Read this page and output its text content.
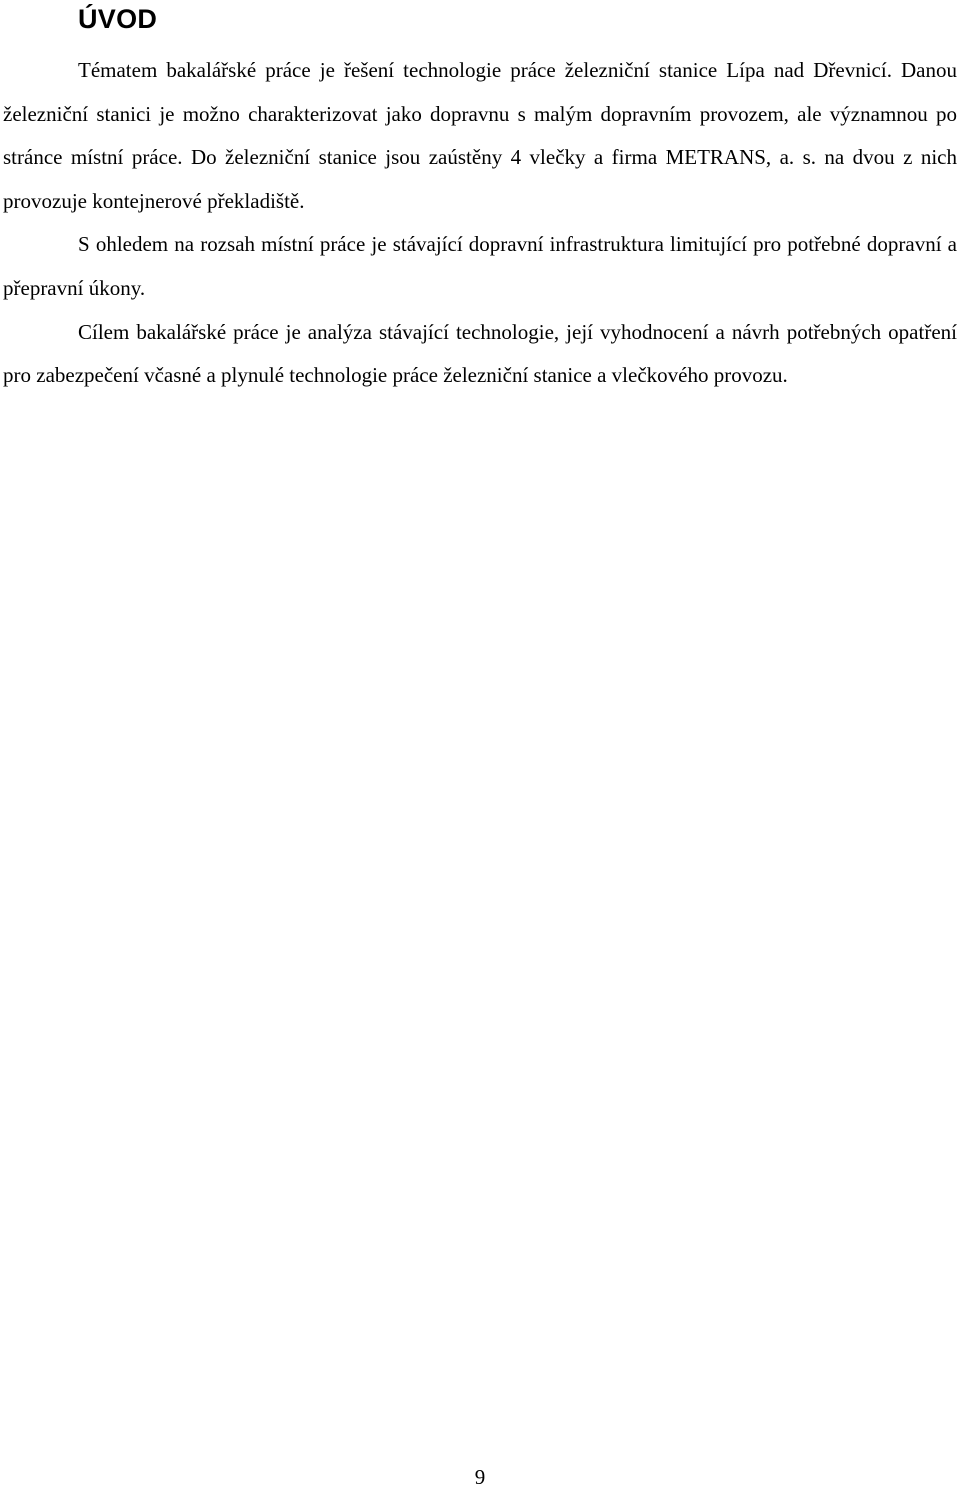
ÚVOD

Tématem bakalářské práce je řešení technologie práce železniční stanice Lípa nad Dřevnicí. Danou železniční stanici je možno charakterizovat jako dopravnu s malým dopravním provozem, ale významnou po stránce místní práce. Do železniční stanice jsou zaústěny 4 vlečky a firma METRANS, a. s. na dvou z nich provozuje kontejnerové překladiště.

S ohledem na rozsah místní práce je stávající dopravní infrastruktura limitující pro potřebné dopravní a přepravní úkony.

Cílem bakalářské práce je analýza stávající technologie, její vyhodnocení a návrh potřebných opatření pro zabezpečení včasné a plynulé technologie práce železniční stanice a vlečkového provozu.

9
